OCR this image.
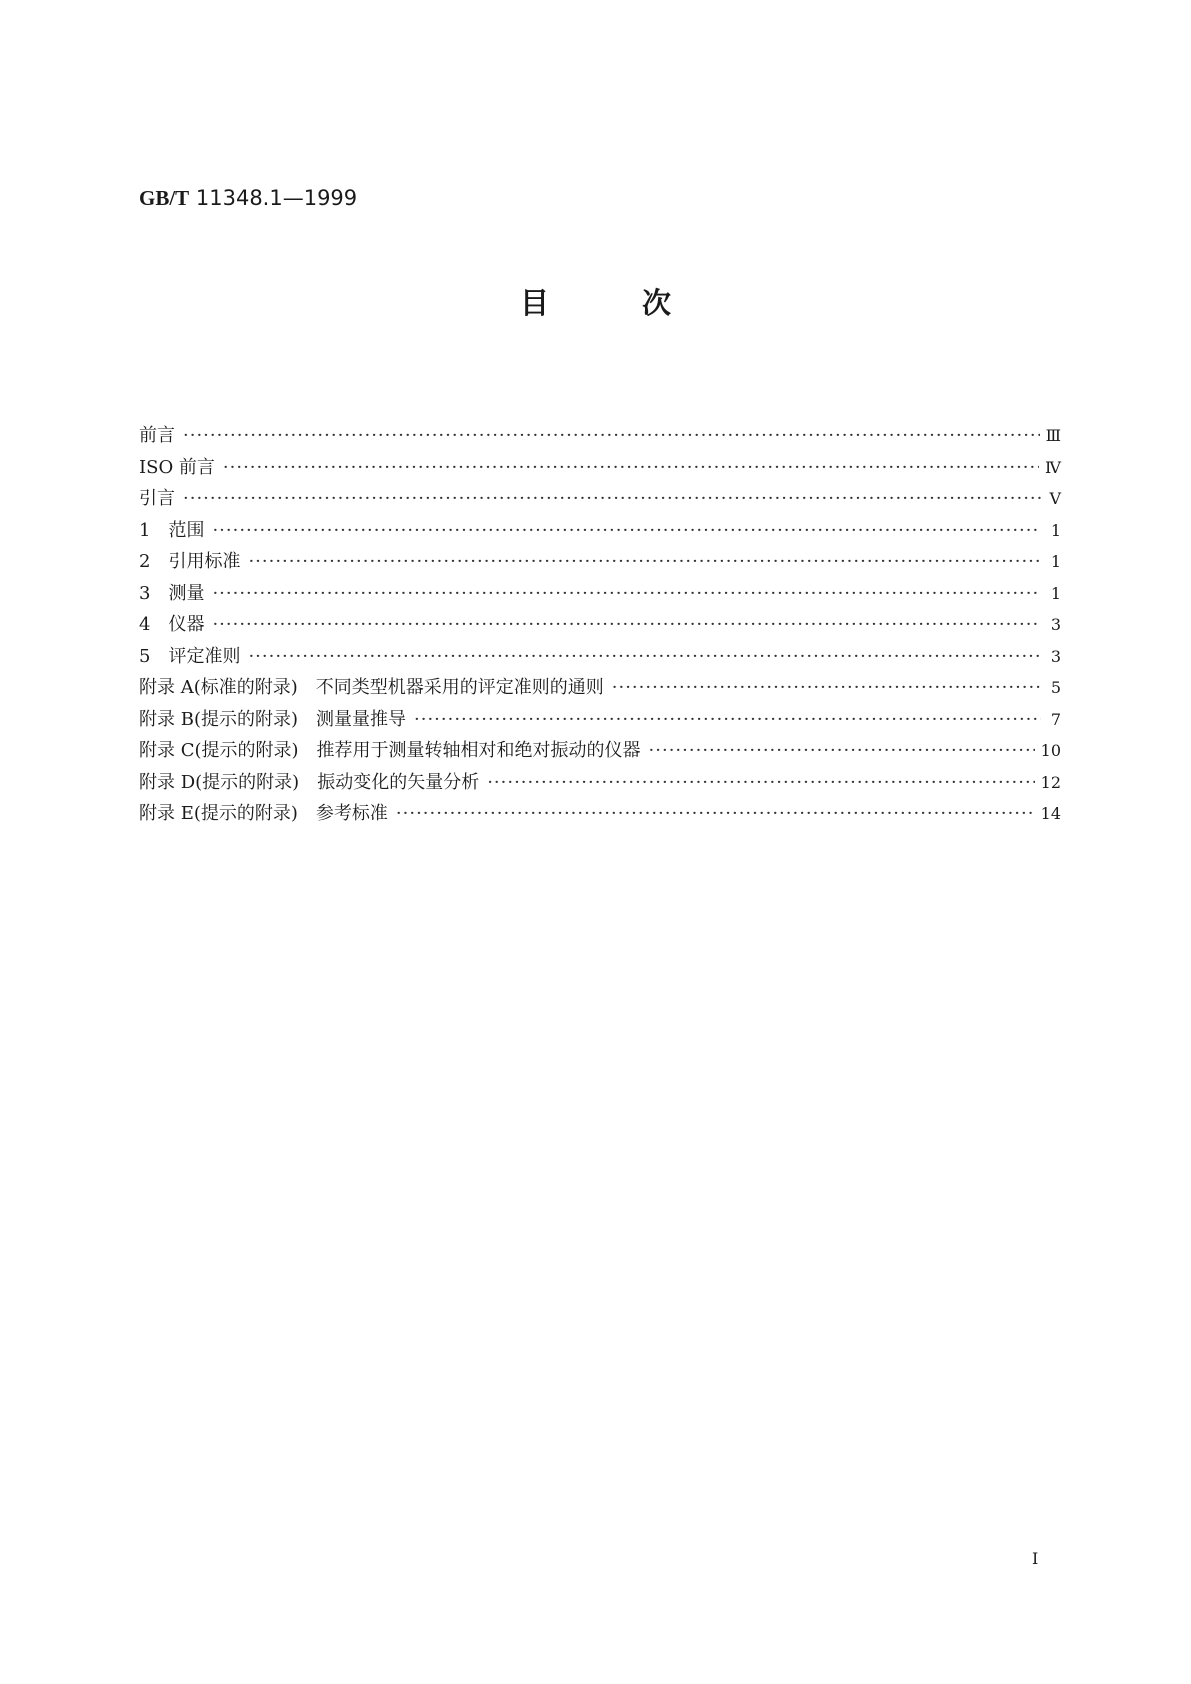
GB/T 11348.1—1999
目	次
前言 ·····	Ⅲ
ISO 前言 ·····	Ⅳ
引言 ·····	Ⅴ
1　范围 ·····	1
2　引用标准 ·····	1
3　测量 ·····	1
4　仪器 ·····	3
5　评定准则 ·····	3
附录 A(标准的附录)　不同类型机器采用的评定准则的通则 ·····	5
附录 B(提示的附录)　测量量推导 ·····	7
附录 C(提示的附录)　推荐用于测量转轴相对和绝对振动的仪器 ·····	10
附录 D(提示的附录)　振动变化的矢量分析 ·····	12
附录 E(提示的附录)　参考标准 ·····	14
Ⅰ
